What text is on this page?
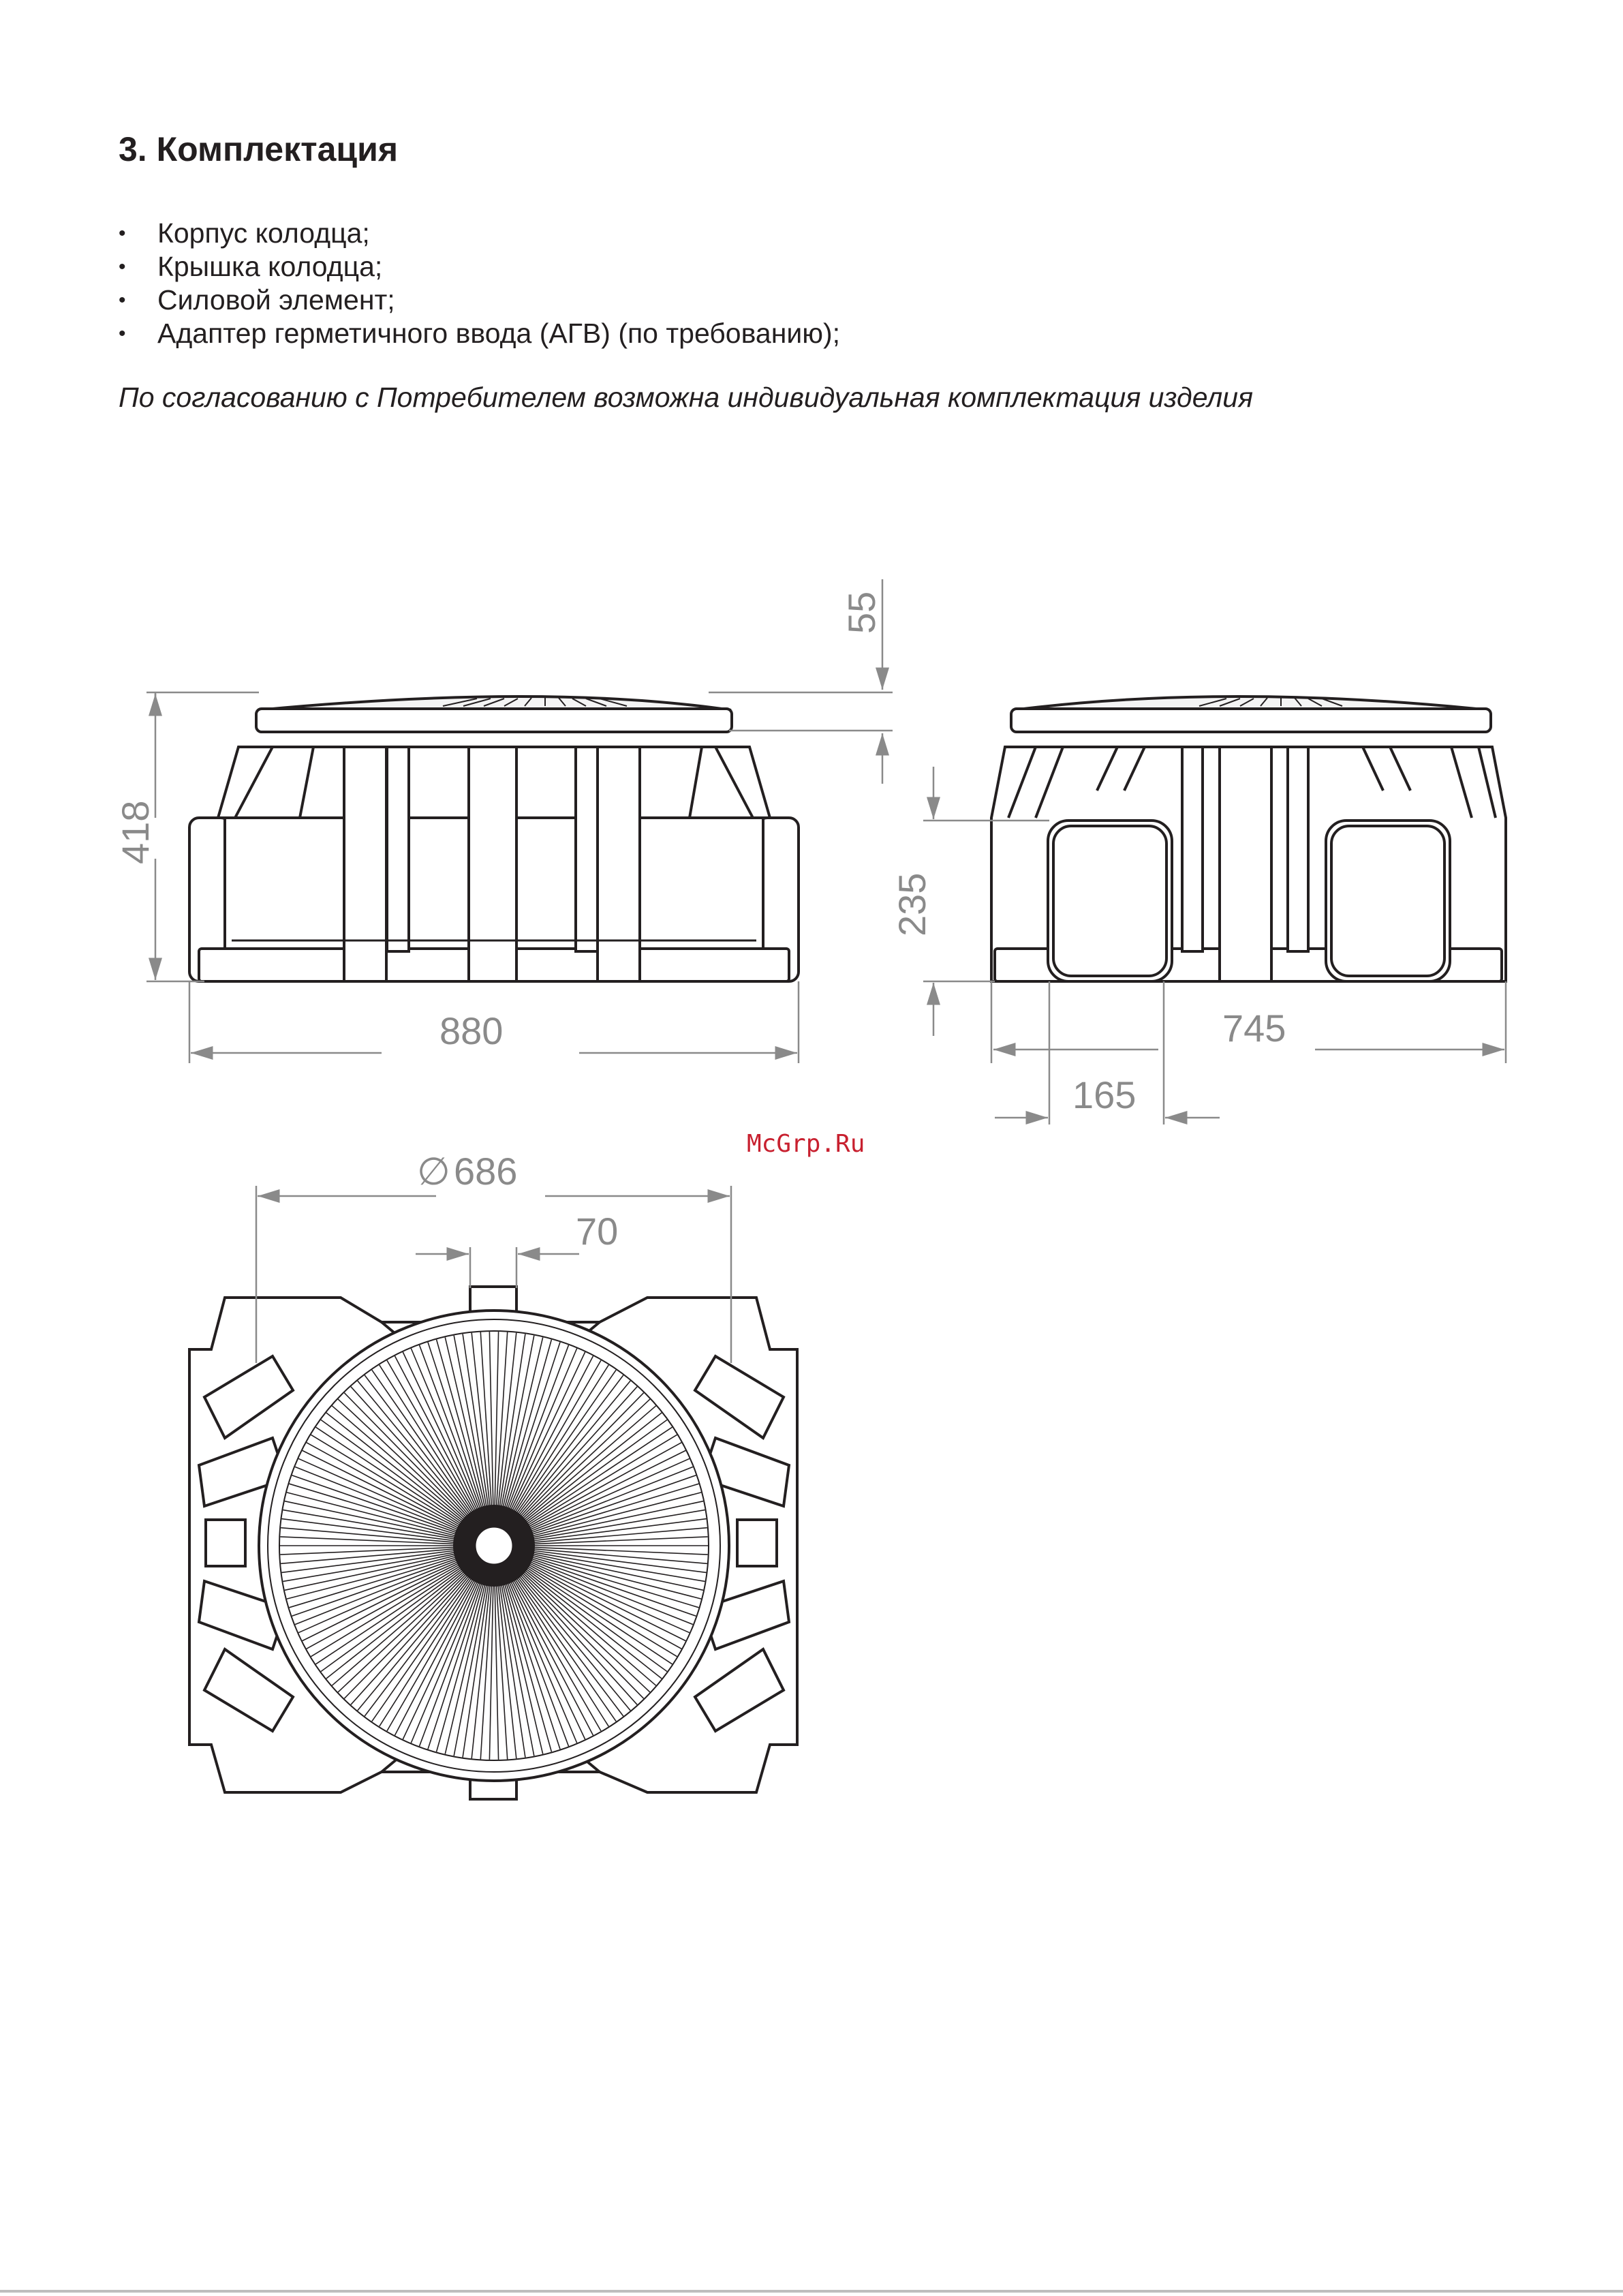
3. Комплектация
• Корпус колодца;
• Крышка колодца;
• Силовой элемент;
• Адаптер герметичного ввода (АГВ) (по требованию);

По согласованию с Потребителем возможна индивидуальная комплектация изделия

55
418
880
235
745
165
∅ 686
70
McGrp.Ru
